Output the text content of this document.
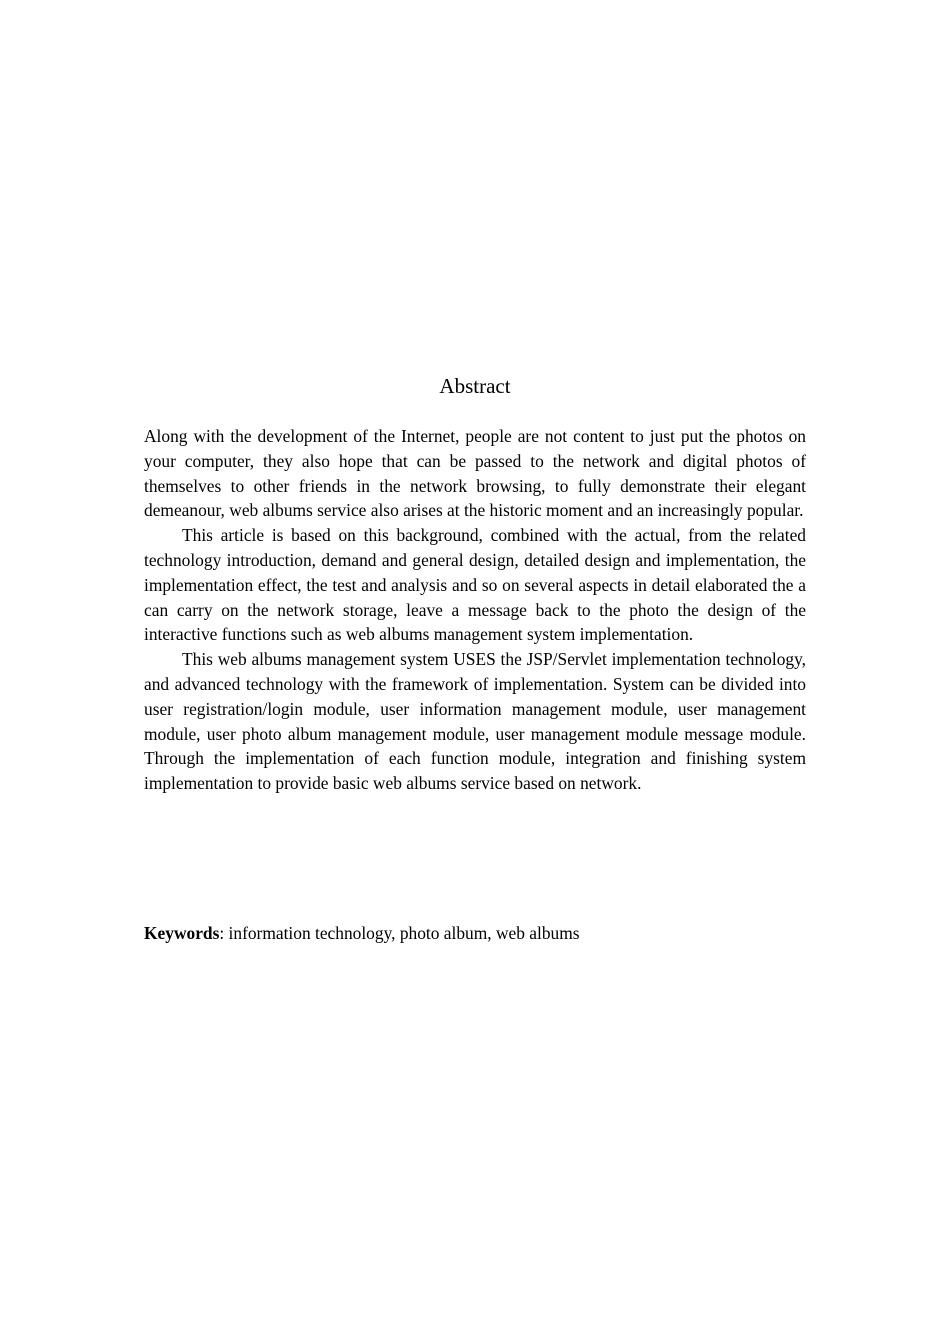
Abstract

Along with the development of the Internet, people are not content to just put the photos on your computer, they also hope that can be passed to the network and digital photos of themselves to other friends in the network browsing, to fully demonstrate their elegant demeanour, web albums service also arises at the historic moment and an increasingly popular.

This article is based on this background, combined with the actual, from the related technology introduction, demand and general design, detailed design and implementation, the implementation effect, the test and analysis and so on several aspects in detail elaborated the a can carry on the network storage, leave a message back to the photo the design of the interactive functions such as web albums management system implementation.

This web albums management system USES the JSP/Servlet implementation technology, and advanced technology with the framework of implementation. System can be divided into user registration/login module, user information management module, user management module, user photo album management module, user management module message module. Through the implementation of each function module, integration and finishing system implementation to provide basic web albums service based on network.

Keywords: information technology, photo album, web albums
